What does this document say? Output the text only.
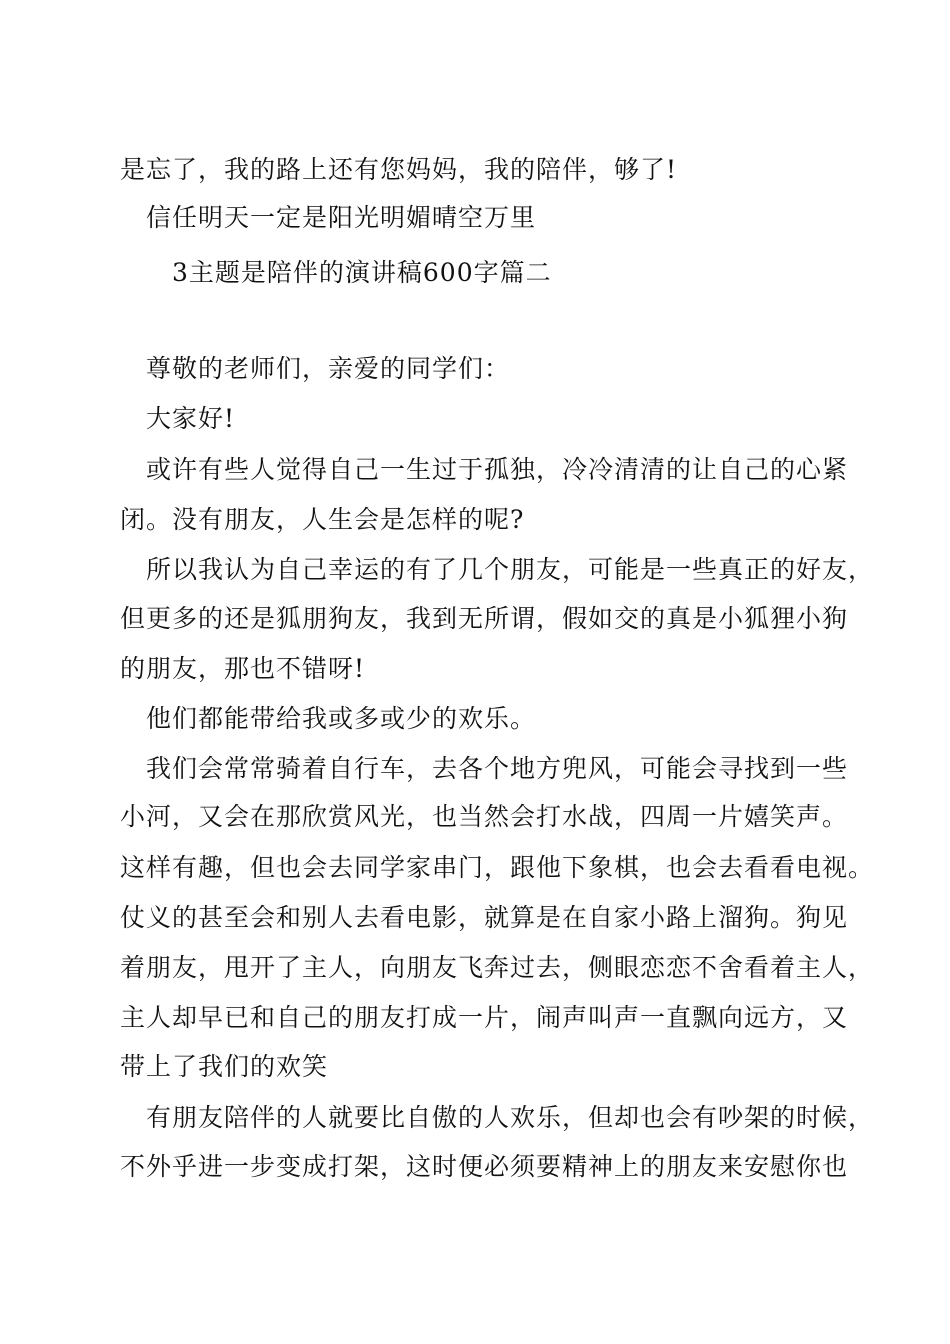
是忘了，我的路上还有您妈妈，我的陪伴，够了!
信任明天一定是阳光明媚晴空万里
3主题是陪伴的演讲稿600字篇二
尊敬的老师们，亲爱的同学们：
大家好!
或许有些人觉得自己一生过于孤独，冷冷清清的让自己的心紧
闭。没有朋友，人生会是怎样的呢?
所以我认为自己幸运的有了几个朋友，可能是一些真正的好友，
但更多的还是狐朋狗友，我到无所谓，假如交的真是小狐狸小狗
的朋友，那也不错呀!
他们都能带给我或多或少的欢乐。
我们会常常骑着自行车，去各个地方兜风，可能会寻找到一些
小河，又会在那欣赏风光，也当然会打水战，四周一片嬉笑声。
这样有趣，但也会去同学家串门，跟他下象棋，也会去看看电视。
仗义的甚至会和别人去看电影，就算是在自家小路上溜狗。狗见
着朋友，甩开了主人，向朋友飞奔过去，侧眼恋恋不舍看着主人，
主人却早已和自己的朋友打成一片，闹声叫声一直飘向远方，又
带上了我们的欢笑
有朋友陪伴的人就要比自傲的人欢乐，但却也会有吵架的时候，
不外乎进一步变成打架，这时便必须要精神上的朋友来安慰你也
